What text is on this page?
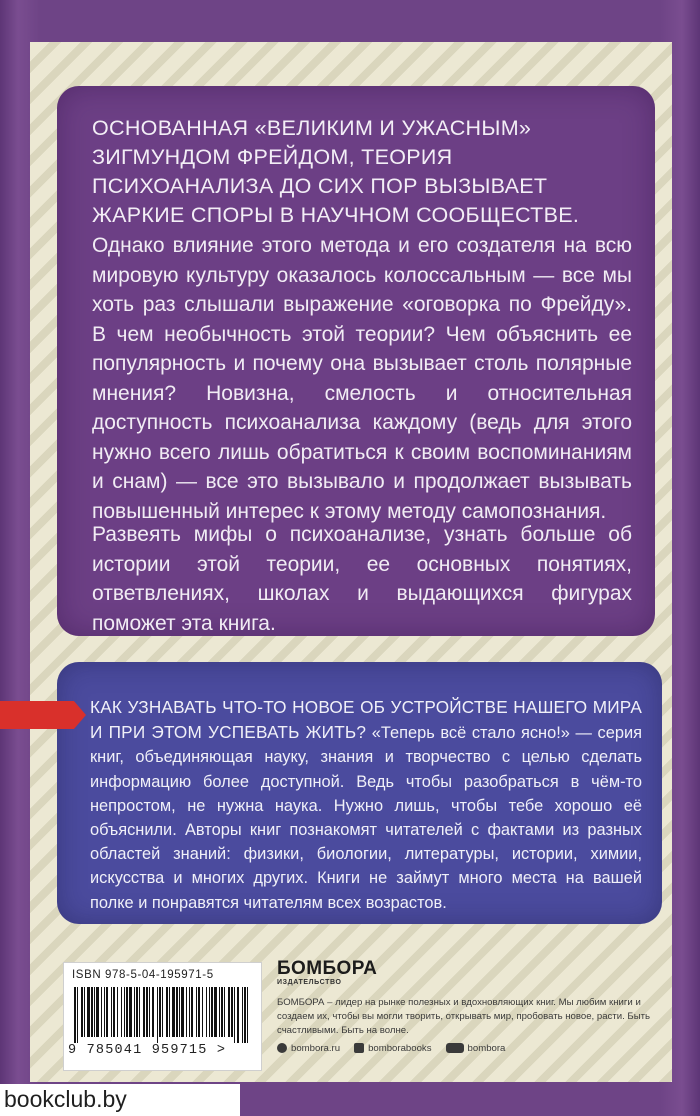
ОСНОВАННАЯ «ВЕЛИКИМ И УЖАСНЫМ» ЗИГМУНДОМ ФРЕЙДОМ, ТЕОРИЯ ПСИХОАНАЛИЗА ДО СИХ ПОР ВЫЗЫВАЕТ ЖАРКИЕ СПОРЫ В НАУЧНОМ СООБЩЕСТВЕ.

Однако влияние этого метода и его создателя на всю мировую культуру оказалось колоссальным — все мы хоть раз слышали выражение «оговорка по Фрейду». В чем необычность этой теории? Чем объяснить ее популярность и почему она вызывает столь полярные мнения? Новизна, смелость и относительная доступность психоанализа каждому (ведь для этого нужно всего лишь обратиться к своим воспоминаниям и снам) — все это вызывало и продолжает вызывать повышенный интерес к этому методу самопознания.

Развеять мифы о психоанализе, узнать больше об истории этой теории, ее основных понятиях, ответвлениях, школах и выдающихся фигурах поможет эта книга.

КАК УЗНАВАТЬ ЧТО-ТО НОВОЕ ОБ УСТРОЙСТВЕ НАШЕГО МИРА И ПРИ ЭТОМ УСПЕВАТЬ ЖИТЬ? «Теперь всё стало ясно!» — серия книг, объединяющая науку, знания и творчество с целью сделать информацию более доступной. Ведь чтобы разобраться в чём-то непростом, не нужна наука. Нужно лишь, чтобы тебе хорошо её объяснили. Авторы книг познакомят читателей с фактами из разных областей знаний: физики, биологии, литературы, истории, химии, искусства и многих других. Книги не займут много места на вашей полке и понравятся читателям всех возрастов.

ISBN 978-5-04-195971-5
9 785041 959715 >
БОМБОРА
ИЗДАТЕЛЬСТВО

БОМБОРА – лидер на рынке полезных и вдохновляющих книг. Мы любим книги и создаем их, чтобы вы могли творить, открывать мир, пробовать новое, расти. Быть счастливыми. Быть на волне.

bombora.ru	bomborabooks	bombora
bookclub.by
